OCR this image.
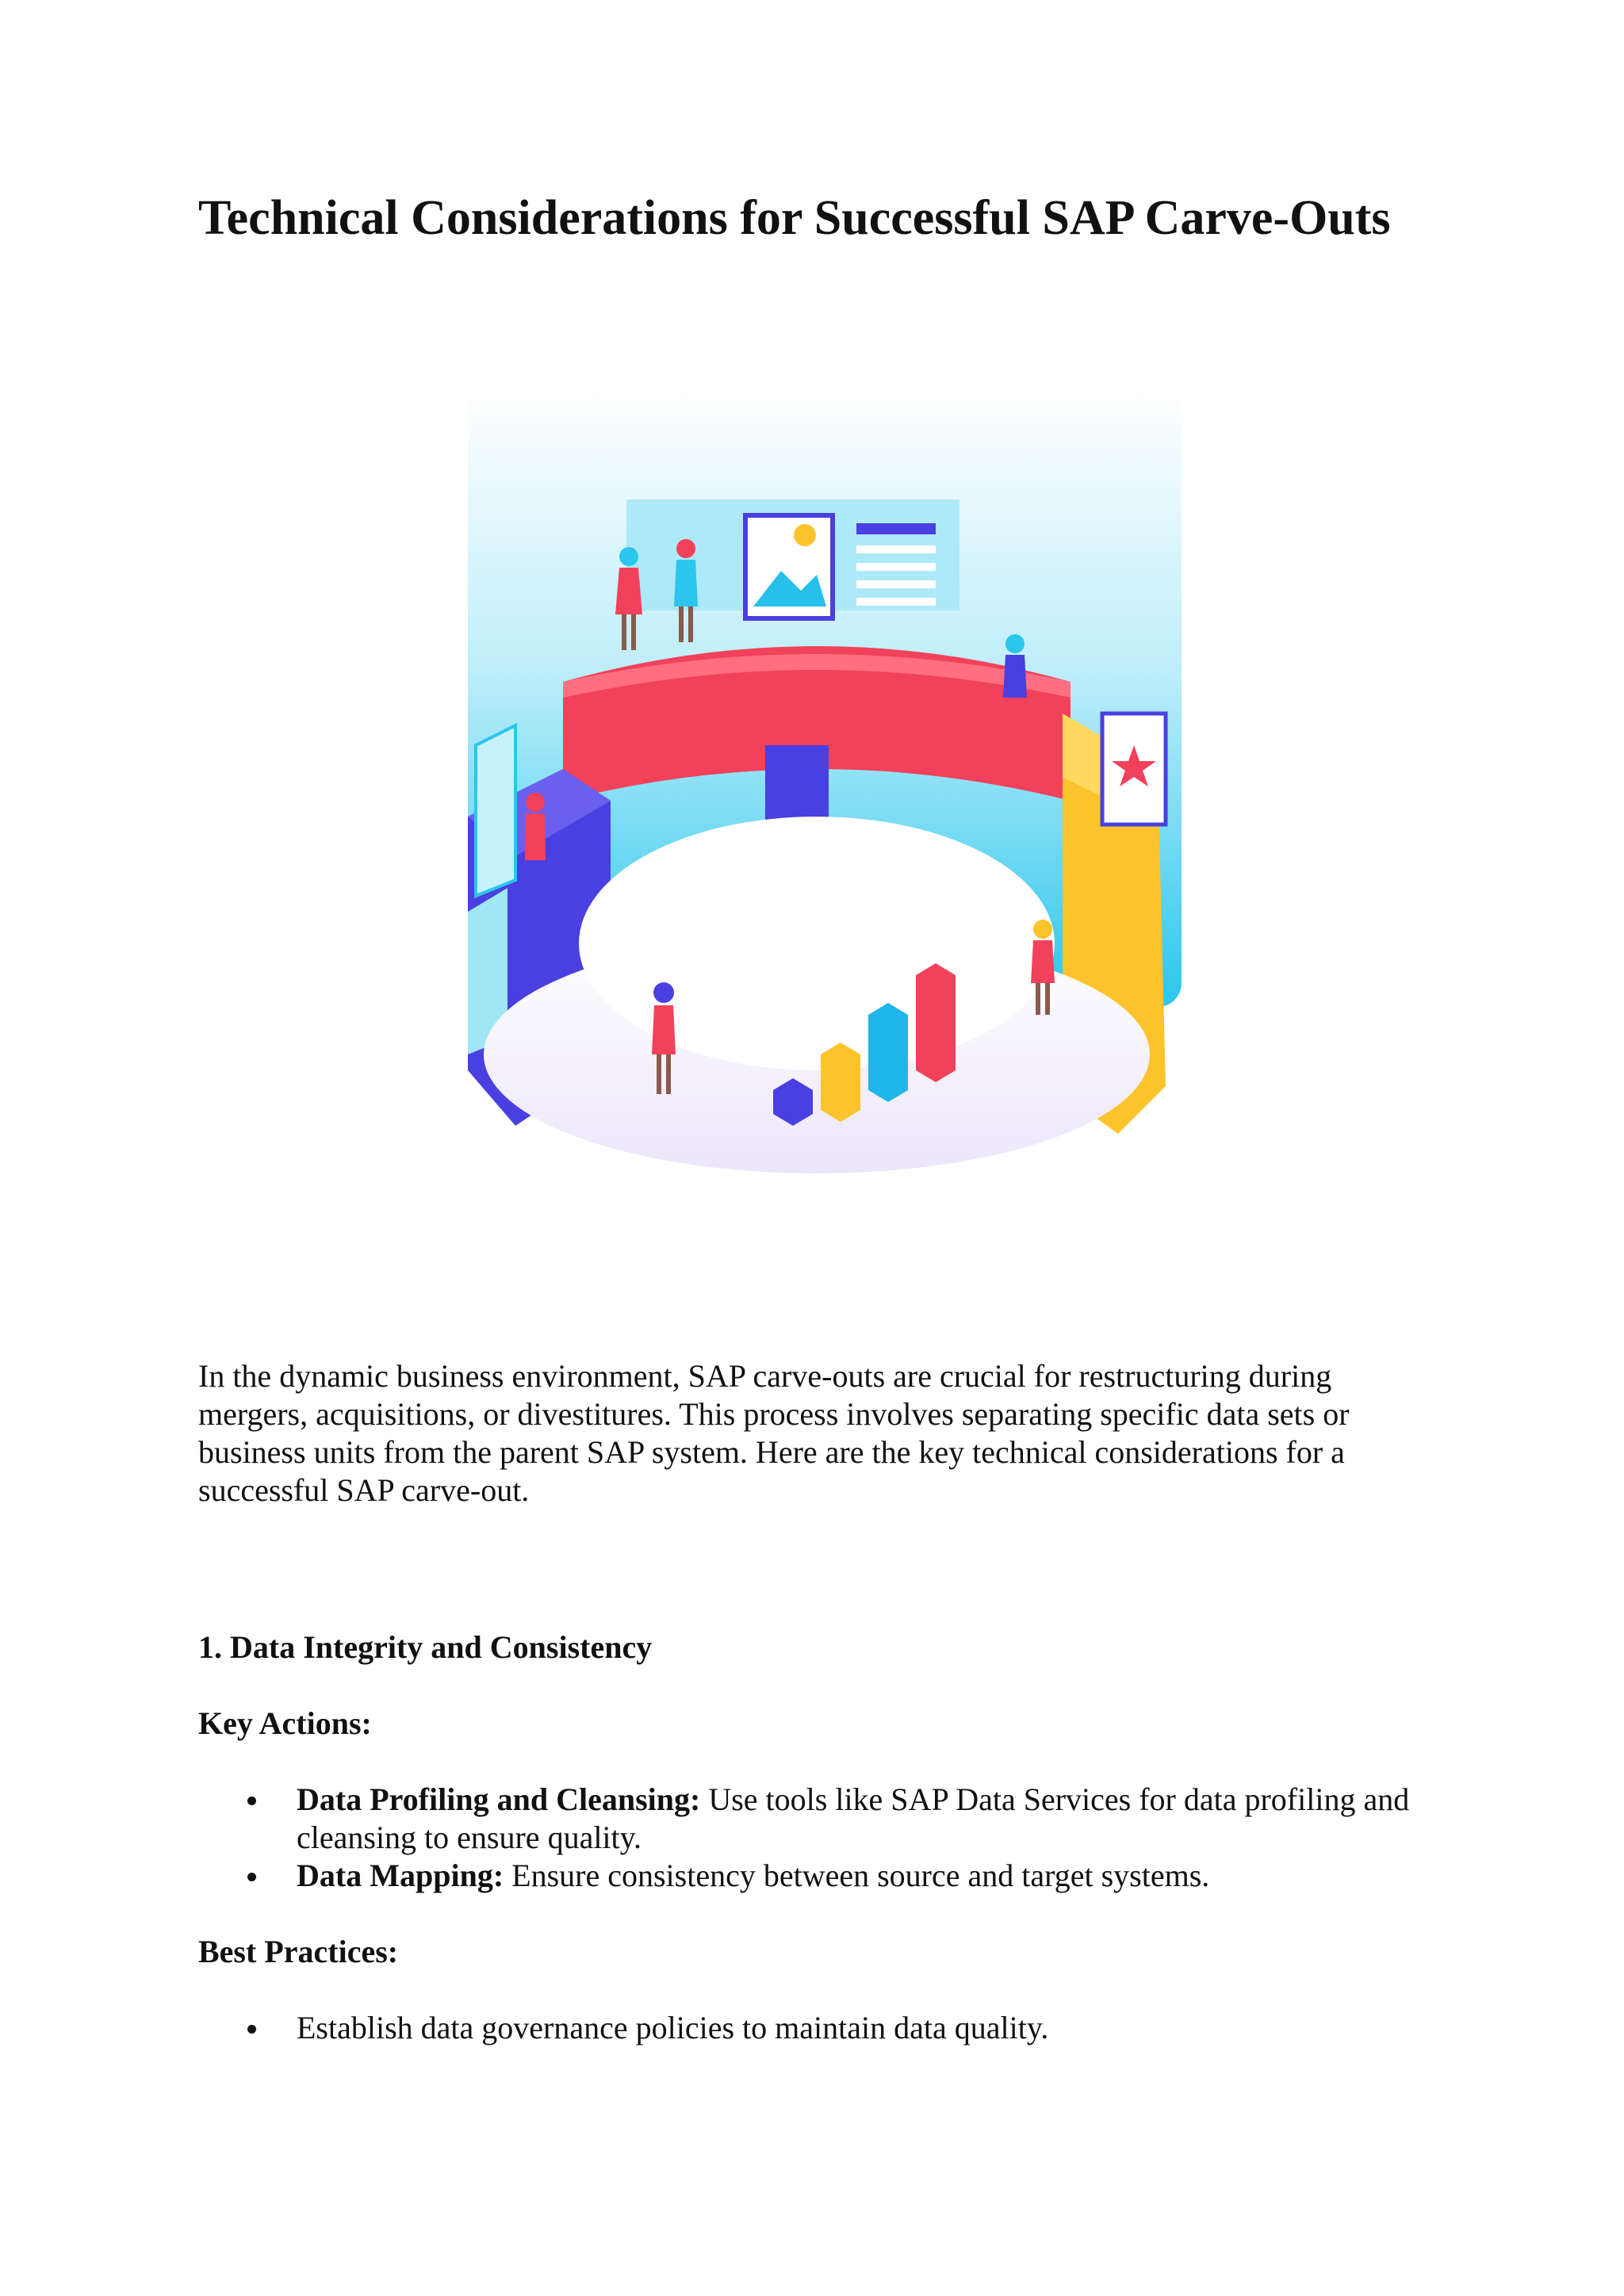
Technical Considerations for Successful SAP Carve-Outs

In the dynamic business environment, SAP carve-outs are crucial for restructuring during mergers, acquisitions, or divestitures. This process involves separating specific data sets or business units from the parent SAP system. Here are the key technical considerations for a successful SAP carve-out.

1. Data Integrity and Consistency
Key Actions:
Data Profiling and Cleansing: Use tools like SAP Data Services for data profiling and cleansing to ensure quality.
Data Mapping: Ensure consistency between source and target systems.
Best Practices:
Establish data governance policies to maintain data quality.
